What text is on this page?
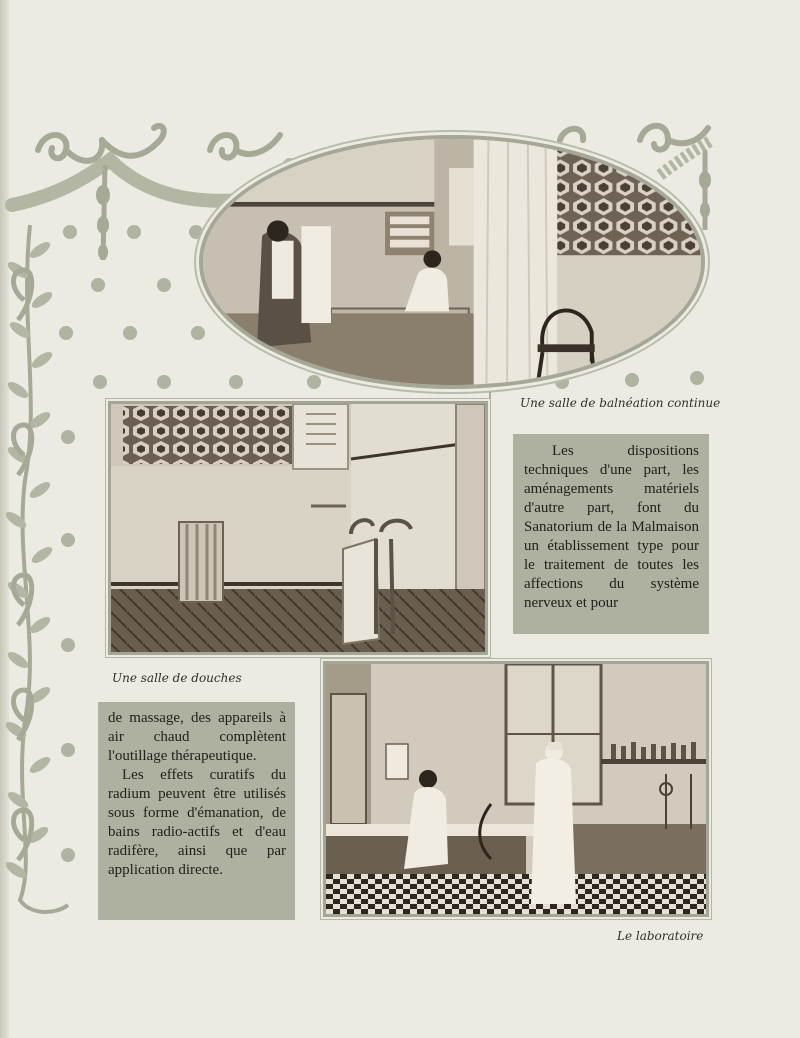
Une salle de balnéation continue
Une salle de douches

Les dispositions techniques d'une part, les aménagements matériels d'autre part, font du Sanatorium de la Malmaison un établissement type pour le traitement de toutes les affections du système nerveux et pour

Le laboratoire

de massage, des appareils à air chaud complètent l'outillage thérapeutique.

Les effets curatifs du radium peuvent être utilisés sous forme d'émanation, de bains radio-actifs et d'eau radifère, ainsi que par application directe.
